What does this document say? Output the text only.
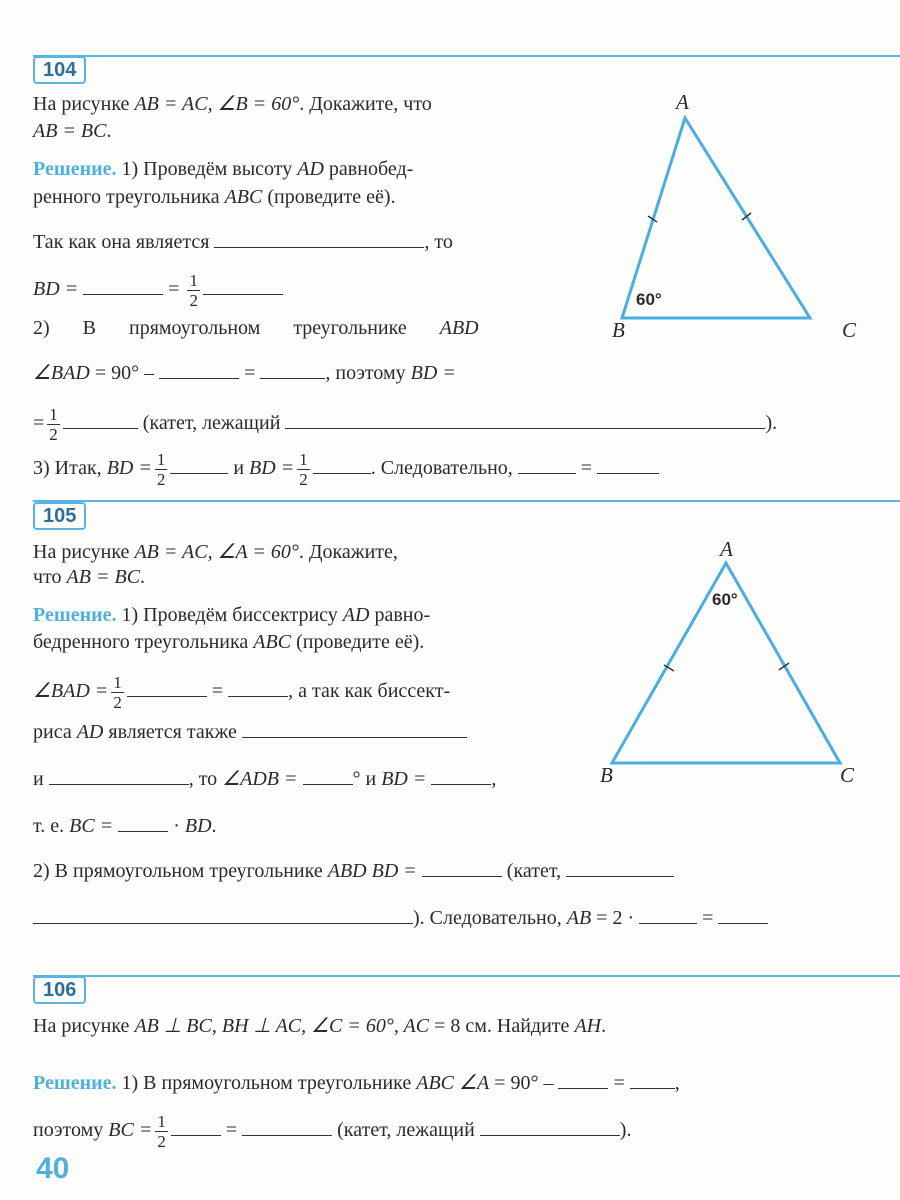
104
На рисунке AB = AC, ∠B = 60°. Докажите, что
AB = BC.
Решение. 1) Проведём высоту AD равнобед-
ренного треугольника ABC (проведите её).
Так как она является	, то
BD =	= $\frac{1}{2}$
2) В прямоугольном треугольнике ABD
∠BAD = 90° –	=	, поэтому BD =
= $\frac{1}{2}$	(катет, лежащий	).
3) Итак, BD = $\frac{1}{2}$	и BD = $\frac{1}{2}$	. Следовательно,	=
A
B	C
60°
A
B	C
60°
105
На рисунке AB = AC, ∠A = 60°. Докажите,
что AB = BC.
Решение. 1) Проведём биссектрису AD равно-
бедренного треугольника ABC (проведите её).
∠BAD = $\frac{1}{2}$	=	, а так как биссект-
риса AD является также
и	, то ∠ADB =	° и BD =	,
т. е. BC =	· BD.
2) В прямоугольном треугольнике ABD BD =	(катет,
). Следовательно, AB = 2 ·	=
106
На рисунке AB ⊥ BC, BH ⊥ AC, ∠C = 60°, AC = 8 см. Найдите AH.
Решение. 1) В прямоугольном треугольнике ABC ∠A = 90° –	= ,
поэтому BC = $\frac{1}{2}$	=	(катет, лежащий	).
40
